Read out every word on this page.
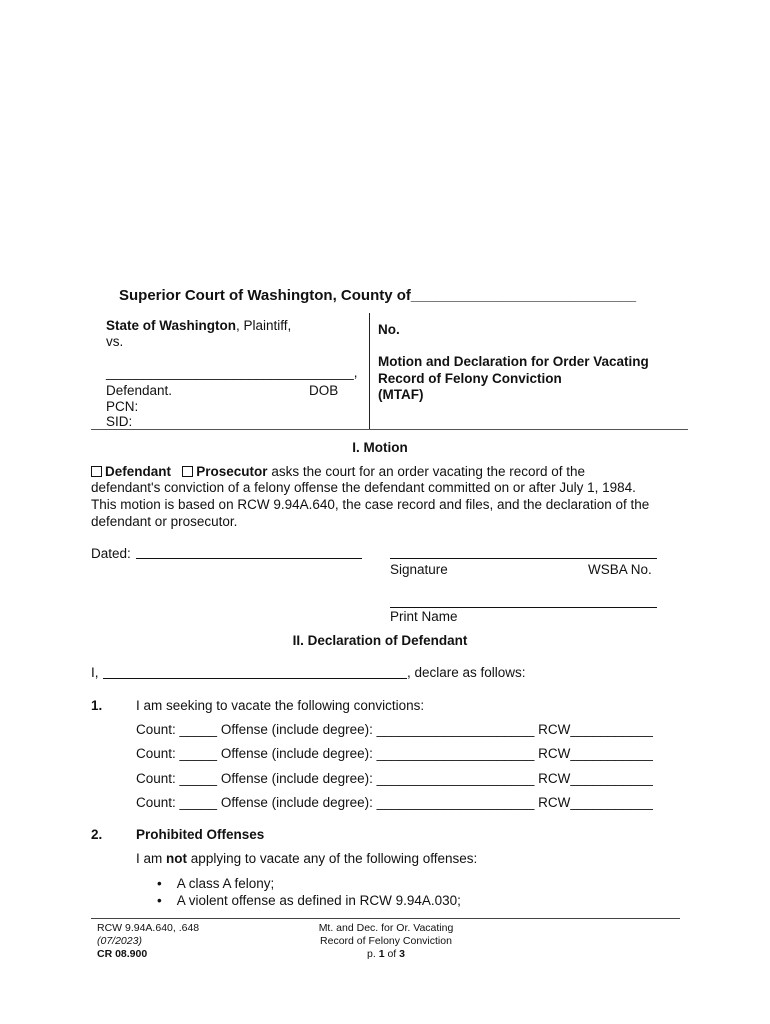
Superior Court of Washington, County of___________________________
State of Washington, Plaintiff,
vs.
_________________________________,
Defendant.	DOB
PCN:
SID:
No.
Motion and Declaration for Order Vacating
Record of Felony Conviction
(MTAF)
I. Motion
Defendant Prosecutor asks the court for an order vacating the record of the
defendant's conviction of a felony offense the defendant committed on or after July 1, 1984.
This motion is based on RCW 9.94A.640, the case record and files, and the declaration of the
defendant or prosecutor.
Dated:
Signature	WSBA No.
Print Name
II. Declaration of Defendant
I,	, declare as follows:
1. I am seeking to vacate the following convictions:
Count: _____ Offense (include degree): _____________________ RCW___________
Count: _____ Offense (include degree): _____________________ RCW___________
Count: _____ Offense (include degree): _____________________ RCW___________
Count: _____ Offense (include degree): _____________________ RCW___________
2. Prohibited Offenses
I am not applying to vacate any of the following offenses:
• A class A felony;
• A violent offense as defined in RCW 9.94A.030;
RCW 9.94A.640, .648
(07/2023)
CR 08.900
Mt. and Dec. for Or. Vacating
Record of Felony Conviction
p. 1 of 3
